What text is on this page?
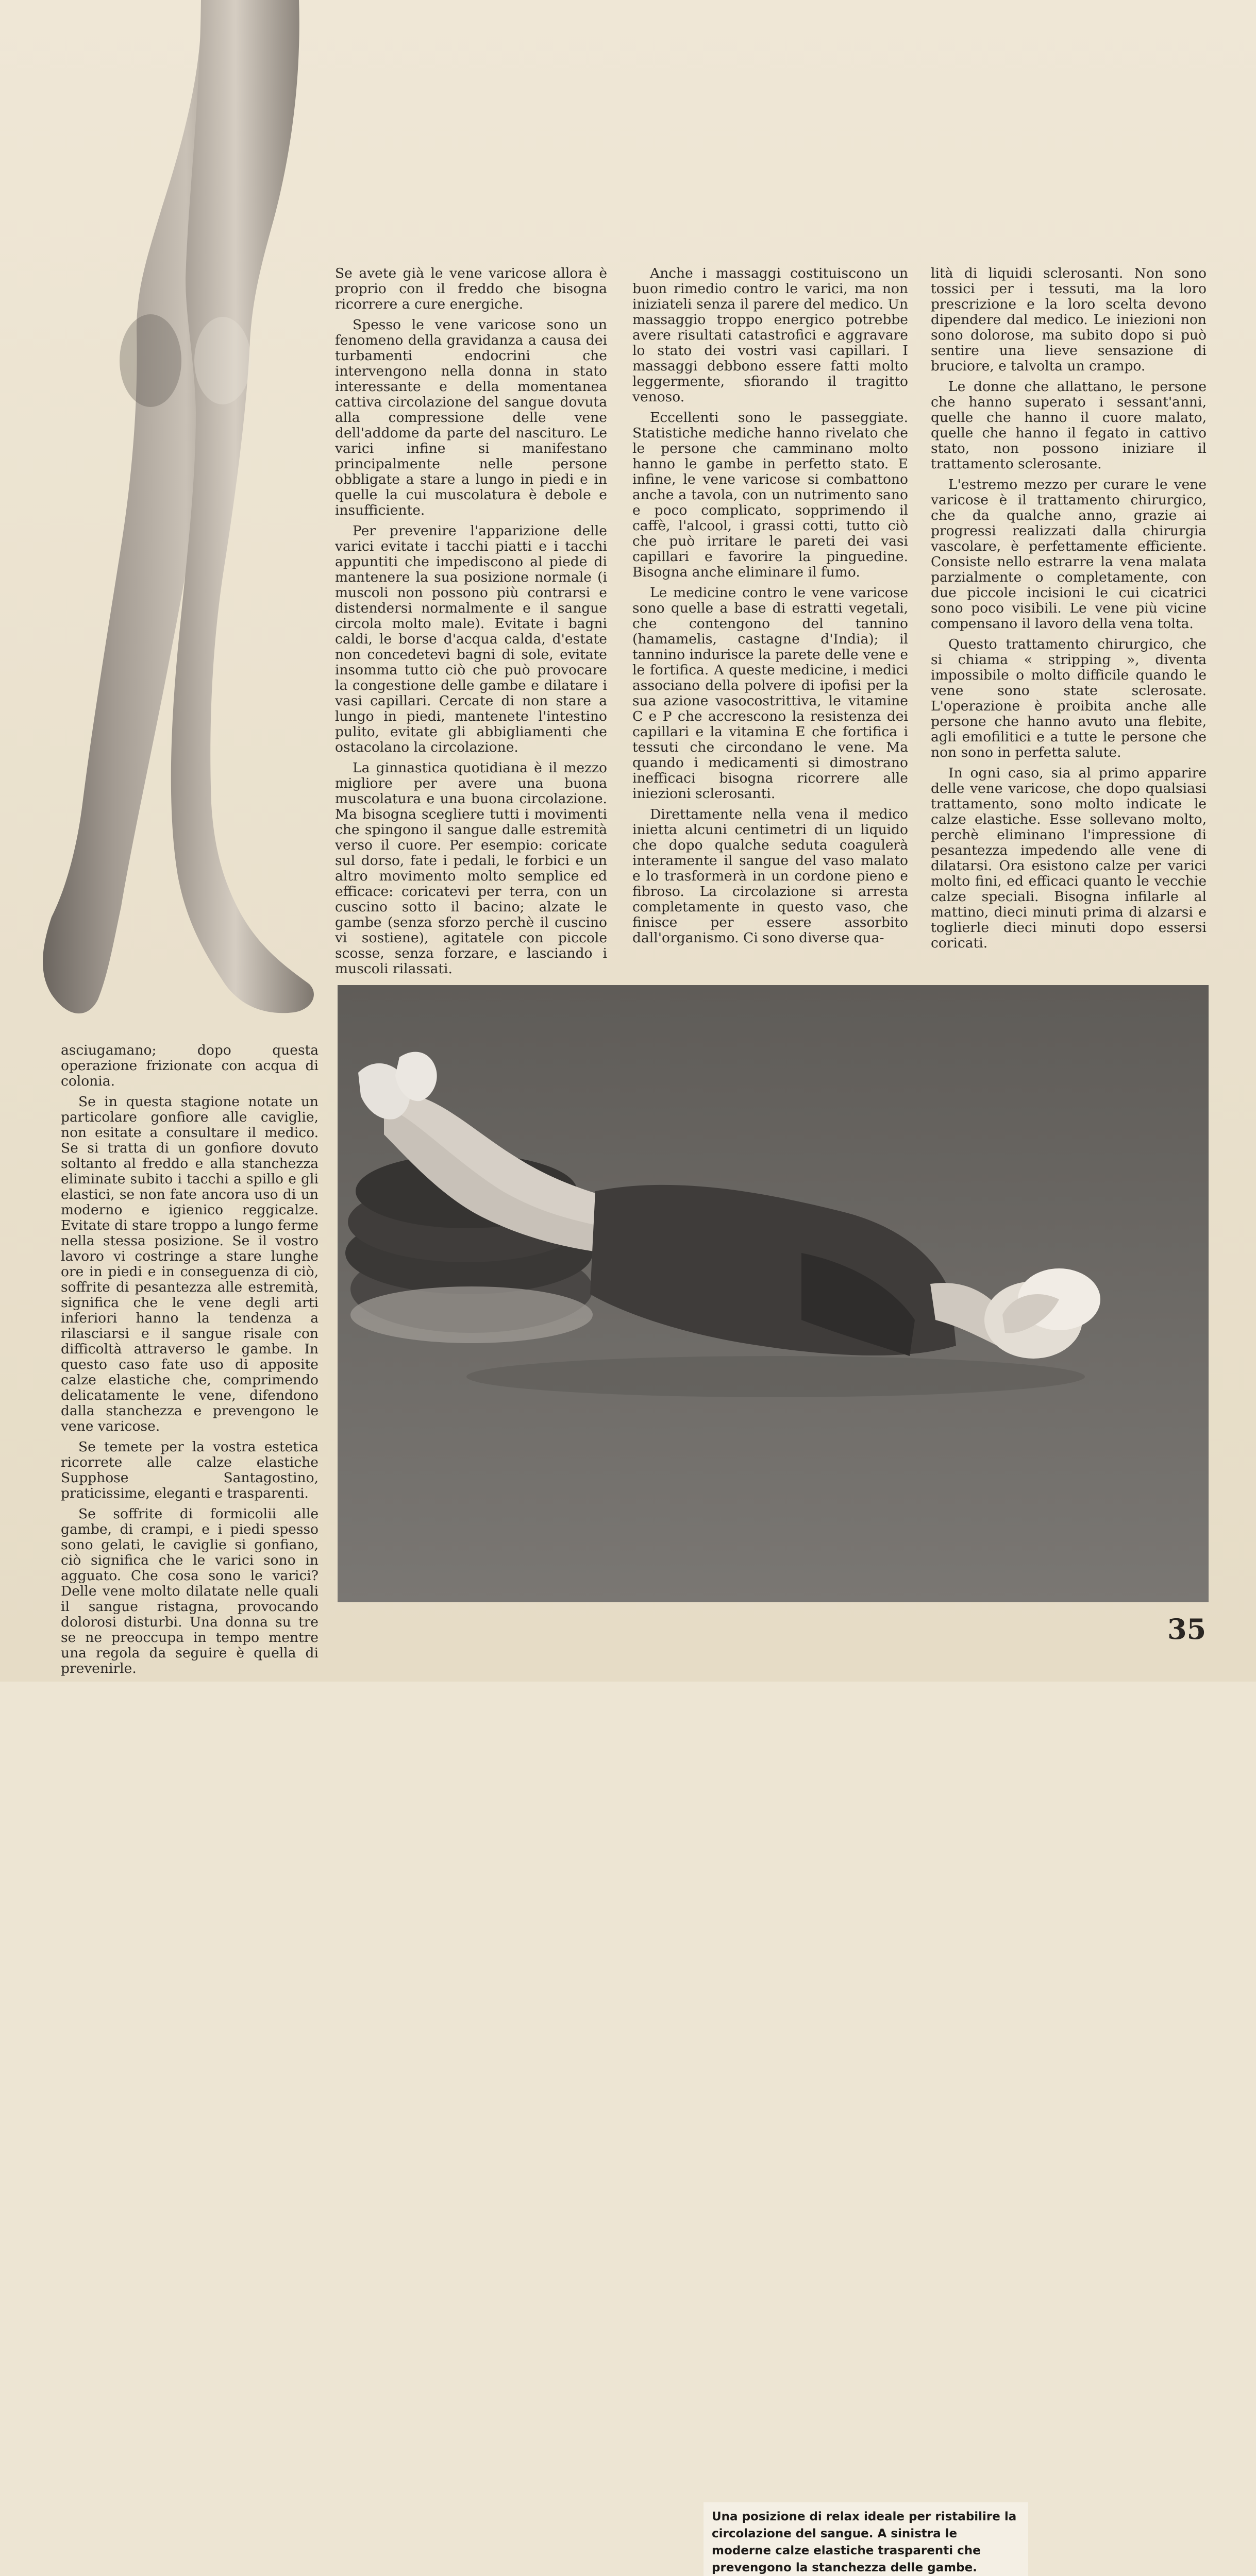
Se avete già le vene varicose allora è proprio con il freddo che bisogna ricorrere a cure energiche.

Spesso le vene varicose sono un fenomeno della gravidanza a causa dei turbamenti endocrini che intervengono nella donna in stato interessante e della momentanea cattiva circolazione del sangue dovuta alla compressione delle vene dell'addome da parte del nascituro. Le varici infine si manifestano principalmente nelle persone obbligate a stare a lungo in piedi e in quelle la cui muscolatura è debole e insufficiente.

Per prevenire l'apparizione delle varici evitate i tacchi piatti e i tacchi appuntiti che impediscono al piede di mantenere la sua posizione normale (i muscoli non possono più contrarsi e distendersi normalmente e il sangue circola molto male). Evitate i bagni caldi, le borse d'acqua calda, d'estate non concedetevi bagni di sole, evitate insomma tutto ciò che può provocare la congestione delle gambe e dilatare i vasi capillari. Cercate di non stare a lungo in piedi, mantenete l'intestino pulito, evitate gli abbigliamenti che ostacolano la circolazione.

La ginnastica quotidiana è il mezzo migliore per avere una buona muscolatura e una buona circolazione. Ma bisogna scegliere tutti i movimenti che spingono il sangue dalle estremità verso il cuore. Per esempio: coricate sul dorso, fate i pedali, le forbici e un altro movimento molto semplice ed efficace: coricatevi per terra, con un cuscino sotto il bacino; alzate le gambe (senza sforzo perchè il cuscino vi sostiene), agitatele con piccole scosse, senza forzare, e lasciando i muscoli rilassati.

Anche i massaggi costituiscono un buon rimedio contro le varici, ma non iniziateli senza il parere del medico. Un massaggio troppo energico potrebbe avere risultati catastrofici e aggravare lo stato dei vostri vasi capillari. I massaggi debbono essere fatti molto leggermente, sfiorando il tragitto venoso.

Eccellenti sono le passeggiate. Statistiche mediche hanno rivelato che le persone che camminano molto hanno le gambe in perfetto stato. E infine, le vene varicose si combattono anche a tavola, con un nutrimento sano e poco complicato, sopprimendo il caffè, l'alcool, i grassi cotti, tutto ciò che può irritare le pareti dei vasi capillari e favorire la pinguedine. Bisogna anche eliminare il fumo.

Le medicine contro le vene varicose sono quelle a base di estratti vegetali, che contengono del tannino (hamamelis, castagne d'India); il tannino indurisce la parete delle vene e le fortifica. A queste medicine, i medici associano della polvere di ipofisi per la sua azione vasocostrittiva, le vitamine C e P che accrescono la resistenza dei capillari e la vitamina E che fortifica i tessuti che circondano le vene. Ma quando i medicamenti si dimostrano inefficaci bisogna ricorrere alle iniezioni sclerosanti.

Direttamente nella vena il medico inietta alcuni centimetri di un liquido che dopo qualche seduta coagulerà interamente il sangue del vaso malato e lo trasformerà in un cordone pieno e fibroso. La circolazione si arresta completamente in questo vaso, che finisce per essere assorbito dall'organismo. Ci sono diverse qua-

lità di liquidi sclerosanti. Non sono tossici per i tessuti, ma la loro prescrizione e la loro scelta devono dipendere dal medico. Le iniezioni non sono dolorose, ma subito dopo si può sentire una lieve sensazione di bruciore, e talvolta un crampo.

Le donne che allattano, le persone che hanno superato i sessant'anni, quelle che hanno il cuore malato, quelle che hanno il fegato in cattivo stato, non possono iniziare il trattamento sclerosante.

L'estremo mezzo per curare le vene varicose è il trattamento chirurgico, che da qualche anno, grazie ai progressi realizzati dalla chirurgia vascolare, è perfettamente efficiente. Consiste nello estrarre la vena malata parzialmente o completamente, con due piccole incisioni le cui cicatrici sono poco visibili. Le vene più vicine compensano il lavoro della vena tolta.

Questo trattamento chirurgico, che si chiama « stripping », diventa impossibile o molto difficile quando le vene sono state sclerosate. L'operazione è proibita anche alle persone che hanno avuto una flebite, agli emofilitici e a tutte le persone che non sono in perfetta salute.

In ogni caso, sia al primo apparire delle vene varicose, che dopo qualsiasi trattamento, sono molto indicate le calze elastiche. Esse sollevano molto, perchè eliminano l'impressione di pesantezza impedendo alle vene di dilatarsi. Ora esistono calze per varici molto fini, ed efficaci quanto le vecchie calze speciali. Bisogna infilarle al mattino, dieci minuti prima di alzarsi e toglierle dieci minuti dopo essersi coricati.

asciugamano; dopo questa operazione frizionate con acqua di colonia.

Se in questa stagione notate un particolare gonfiore alle caviglie, non esitate a consultare il medico. Se si tratta di un gonfiore dovuto soltanto al freddo e alla stanchezza eliminate subito i tacchi a spillo e gli elastici, se non fate ancora uso di un moderno e igienico reggicalze. Evitate di stare troppo a lungo ferme nella stessa posizione. Se il vostro lavoro vi costringe a stare lunghe ore in piedi e in conseguenza di ciò, soffrite di pesantezza alle estremità, significa che le vene degli arti inferiori hanno la tendenza a rilasciarsi e il sangue risale con difficoltà attraverso le gambe. In questo caso fate uso di apposite calze elastiche che, comprimendo delicatamente le vene, difendono dalla stanchezza e prevengono le vene varicose.

Se temete per la vostra estetica ricorrete alle calze elastiche Supphose Santagostino, praticissime, eleganti e trasparenti.

Se soffrite di formicolii alle gambe, di crampi, e i piedi spesso sono gelati, le caviglie si gonfiano, ciò significa che le varici sono in agguato. Che cosa sono le varici? Delle vene molto dilatate nelle quali il sangue ristagna, provocando dolorosi disturbi. Una donna su tre se ne preoccupa in tempo mentre una regola da seguire è quella di prevenirle.

Una posizione di relax ideale per ristabilire la circolazione del sangue. A sinistra le moderne calze elastiche trasparenti che prevengono la stanchezza delle gambe.
35
